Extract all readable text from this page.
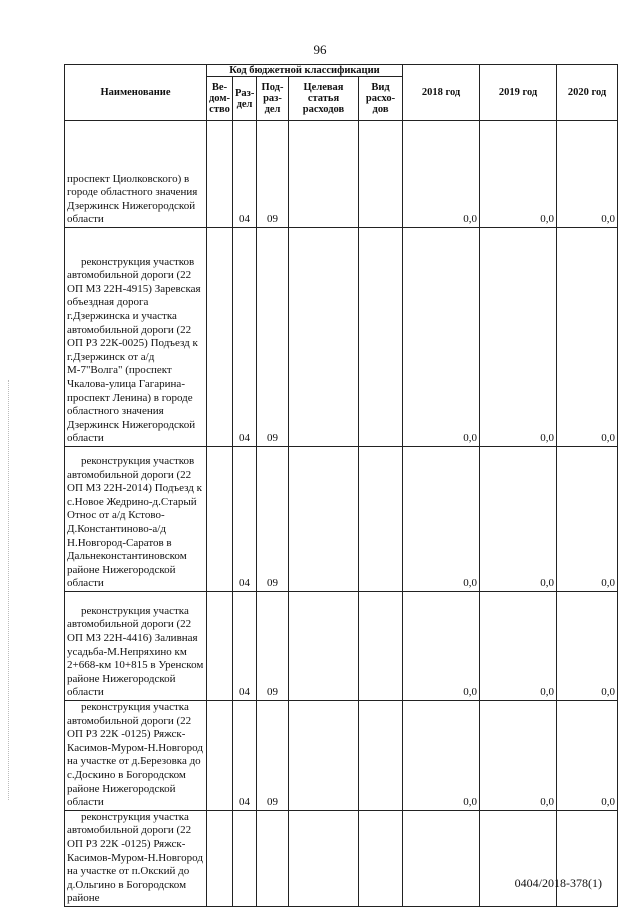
96
Наименование	Код бюджетной классификации					2018 год	2019 год	2020 год
	Ве-дом-ство	Раз-дел	Под-раз-дел	Целевая статья расходов	Вид расхо-дов			

проспект Циолковского) в городе областного значения Дзержинск Нижегородской области		04	09			0,0	0,0	0,0

реконструкция участков автомобильной дороги (22 ОП МЗ 22Н-4915) Заревская объездная дорога г.Дзержинска и участка автомобильной дороги (22 ОП РЗ 22К-0025) Подъезд к г.Дзержинск от а/д М-7"Волга" (проспект Чкалова-улица Гагарина-проспект Ленина) в городе областного значения Дзержинск Нижегородской области		04	09			0,0	0,0	0,0

реконструкция участков автомобильной дороги (22 ОП МЗ 22Н-2014) Подъезд к с.Новое Жедрино-д.Старый Относ от а/д Кстово-Д.Константиново-а/д Н.Новгород-Саратов в Дальнеконстантиновском районе Нижегородской области		04	09			0,0	0,0	0,0

реконструкция участка автомобильной дороги (22 ОП МЗ 22Н-4416) Заливная усадьба-М.Непряхино км 2+668-км 10+815 в Уренском районе Нижегородской области		04	09			0,0	0,0	0,0

реконструкция участка автомобильной дороги (22 ОП РЗ 22К -0125) Ряжск-Касимов-Муром-Н.Новгород на участке от д.Березовка до с.Доскино в Богородском районе Нижегородской области		04	09			0,0	0,0	0,0

реконструкция участка автомобильной дороги (22 ОП РЗ 22К -0125) Ряжск-Касимов-Муром-Н.Новгород на участке от п.Окский до д.Ольгино в Богородском районе								

0404/2018-378(1)
